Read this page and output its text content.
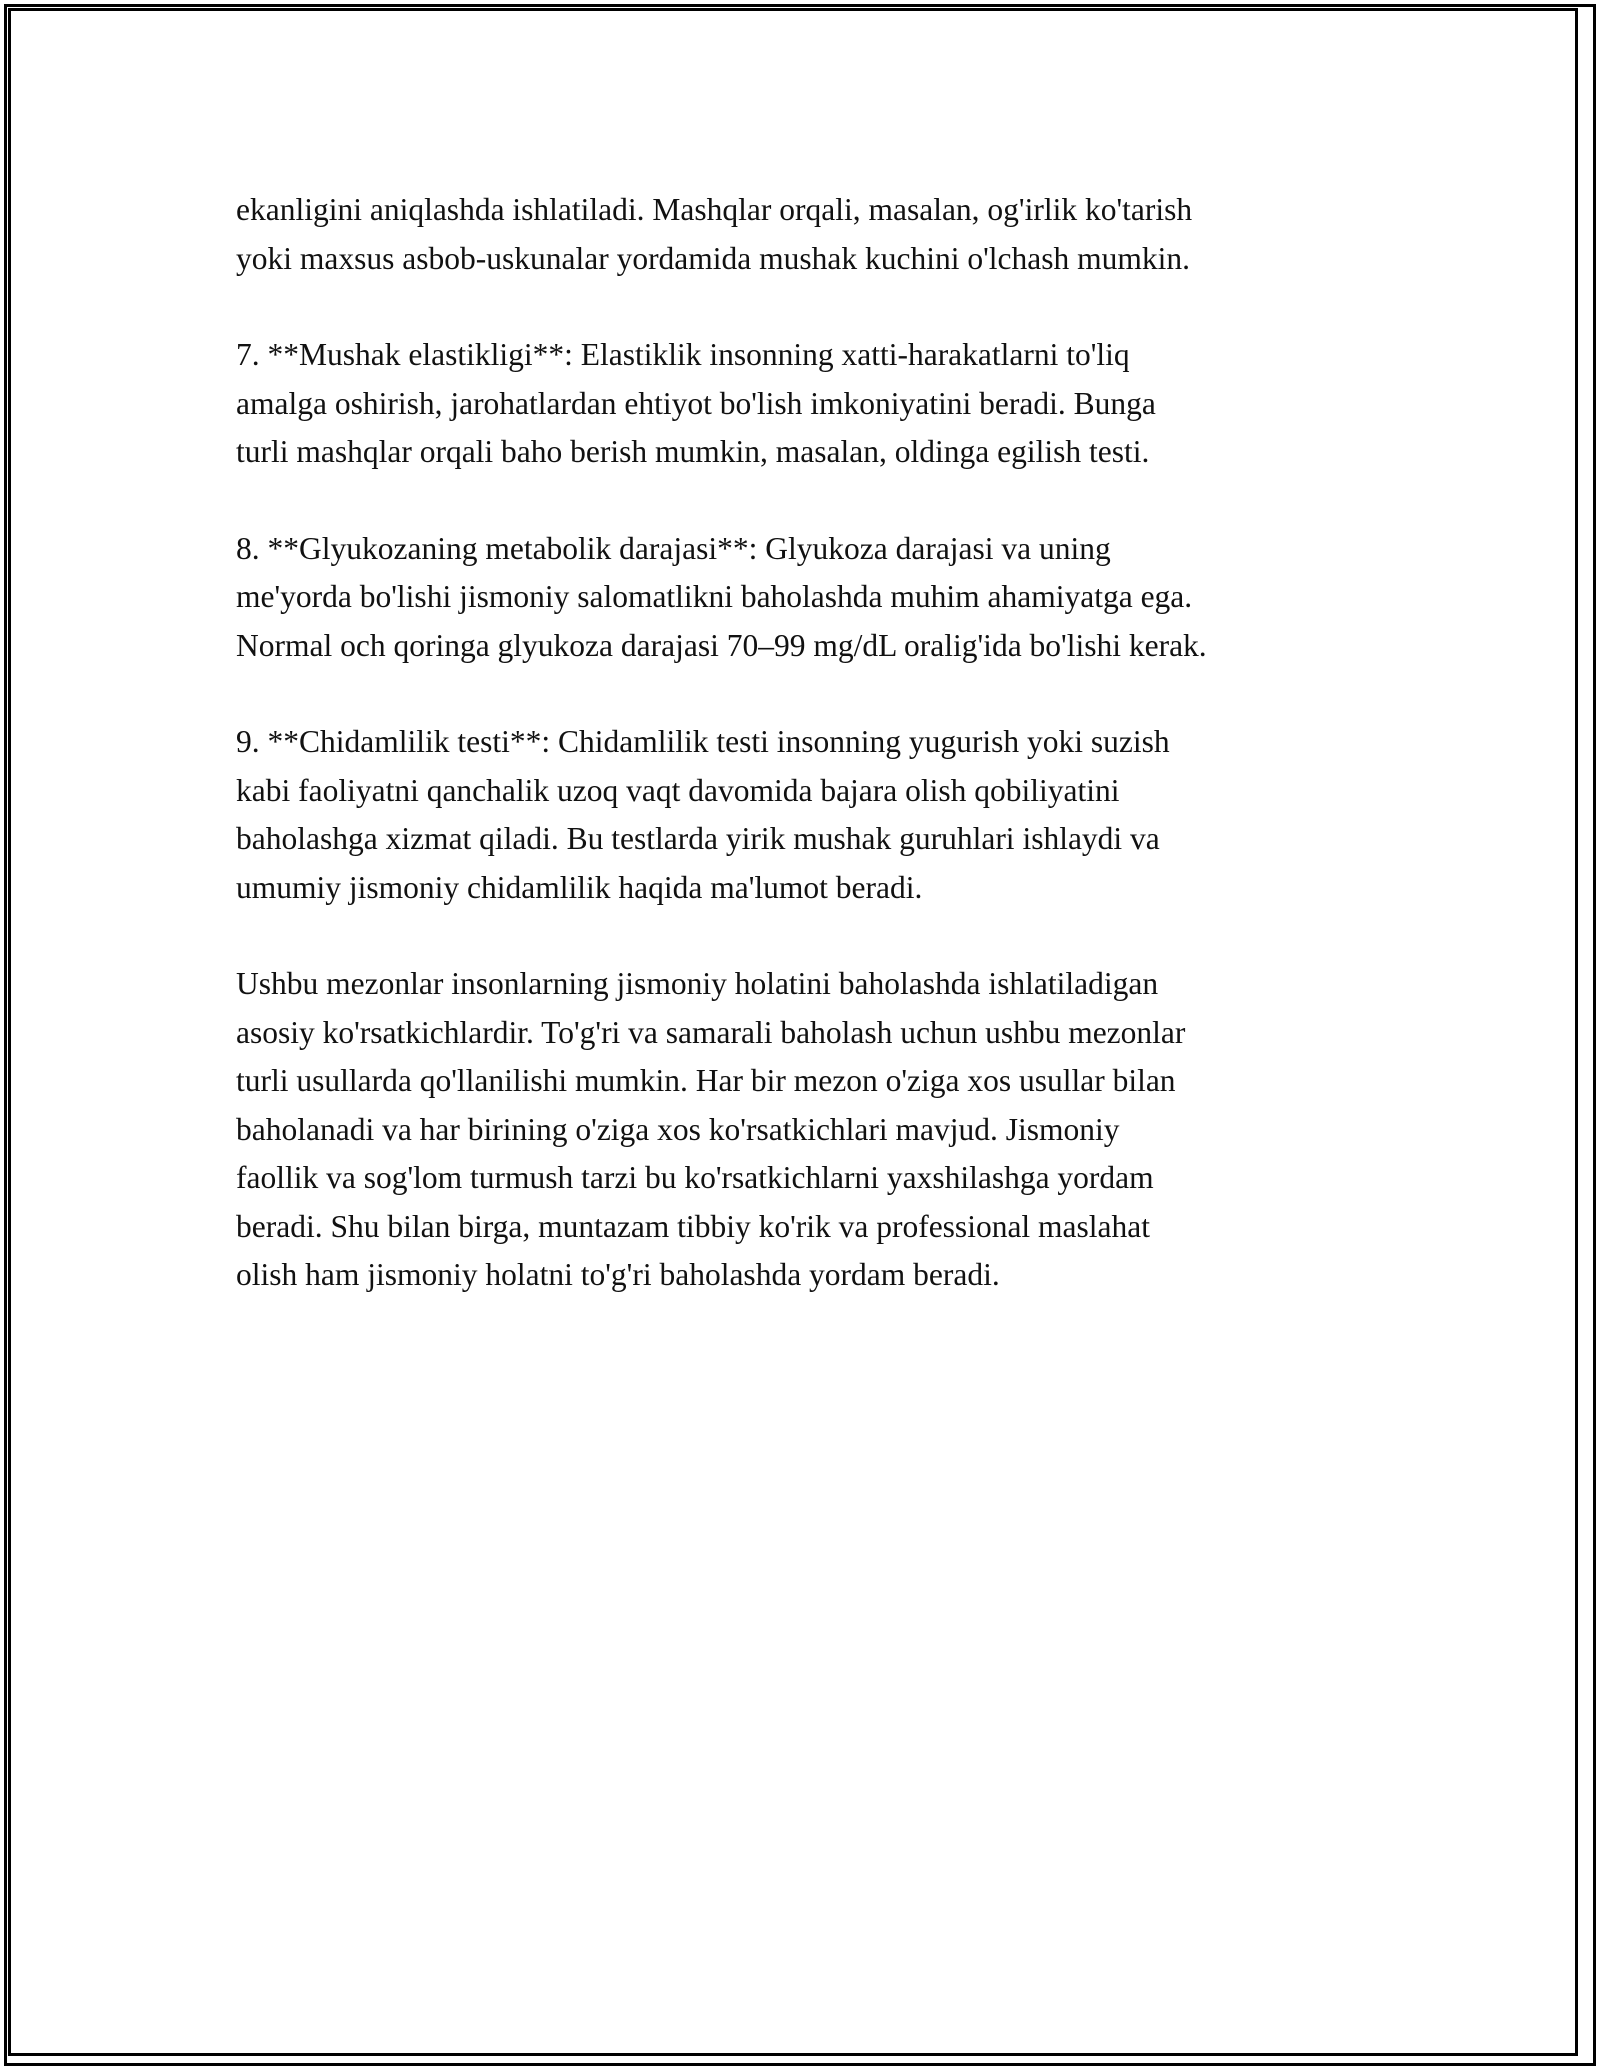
ekanligini aniqlashda ishlatiladi. Mashqlar orqali, masalan, og'irlik ko'tarish
yoki maxsus asbob-uskunalar yordamida mushak kuchini o'lchash mumkin.

7. **Mushak elastikligi**: Elastiklik insonning xatti-harakatlarni to'liq
amalga oshirish, jarohatlardan ehtiyot bo'lish imkoniyatini beradi. Bunga
turli mashqlar orqali baho berish mumkin, masalan, oldinga egilish testi.

8. **Glyukozaning metabolik darajasi**: Glyukoza darajasi va uning
me'yorda bo'lishi jismoniy salomatlikni baholashda muhim ahamiyatga ega.
Normal och qoringa glyukoza darajasi 70–99 mg/dL oralig'ida bo'lishi kerak.

9. **Chidamlilik testi**: Chidamlilik testi insonning yugurish yoki suzish
kabi faoliyatni qanchalik uzoq vaqt davomida bajara olish qobiliyatini
baholashga xizmat qiladi. Bu testlarda yirik mushak guruhlari ishlaydi va
umumiy jismoniy chidamlilik haqida ma'lumot beradi.

Ushbu mezonlar insonlarning jismoniy holatini baholashda ishlatiladigan
asosiy ko'rsatkichlardir. To'g'ri va samarali baholash uchun ushbu mezonlar
turli usullarda qo'llanilishi mumkin. Har bir mezon o'ziga xos usullar bilan
baholanadi va har birining o'ziga xos ko'rsatkichlari mavjud. Jismoniy
faollik va sog'lom turmush tarzi bu ko'rsatkichlarni yaxshilashga yordam
beradi. Shu bilan birga, muntazam tibbiy ko'rik va professional maslahat
olish ham jismoniy holatni to'g'ri baholashda yordam beradi.
